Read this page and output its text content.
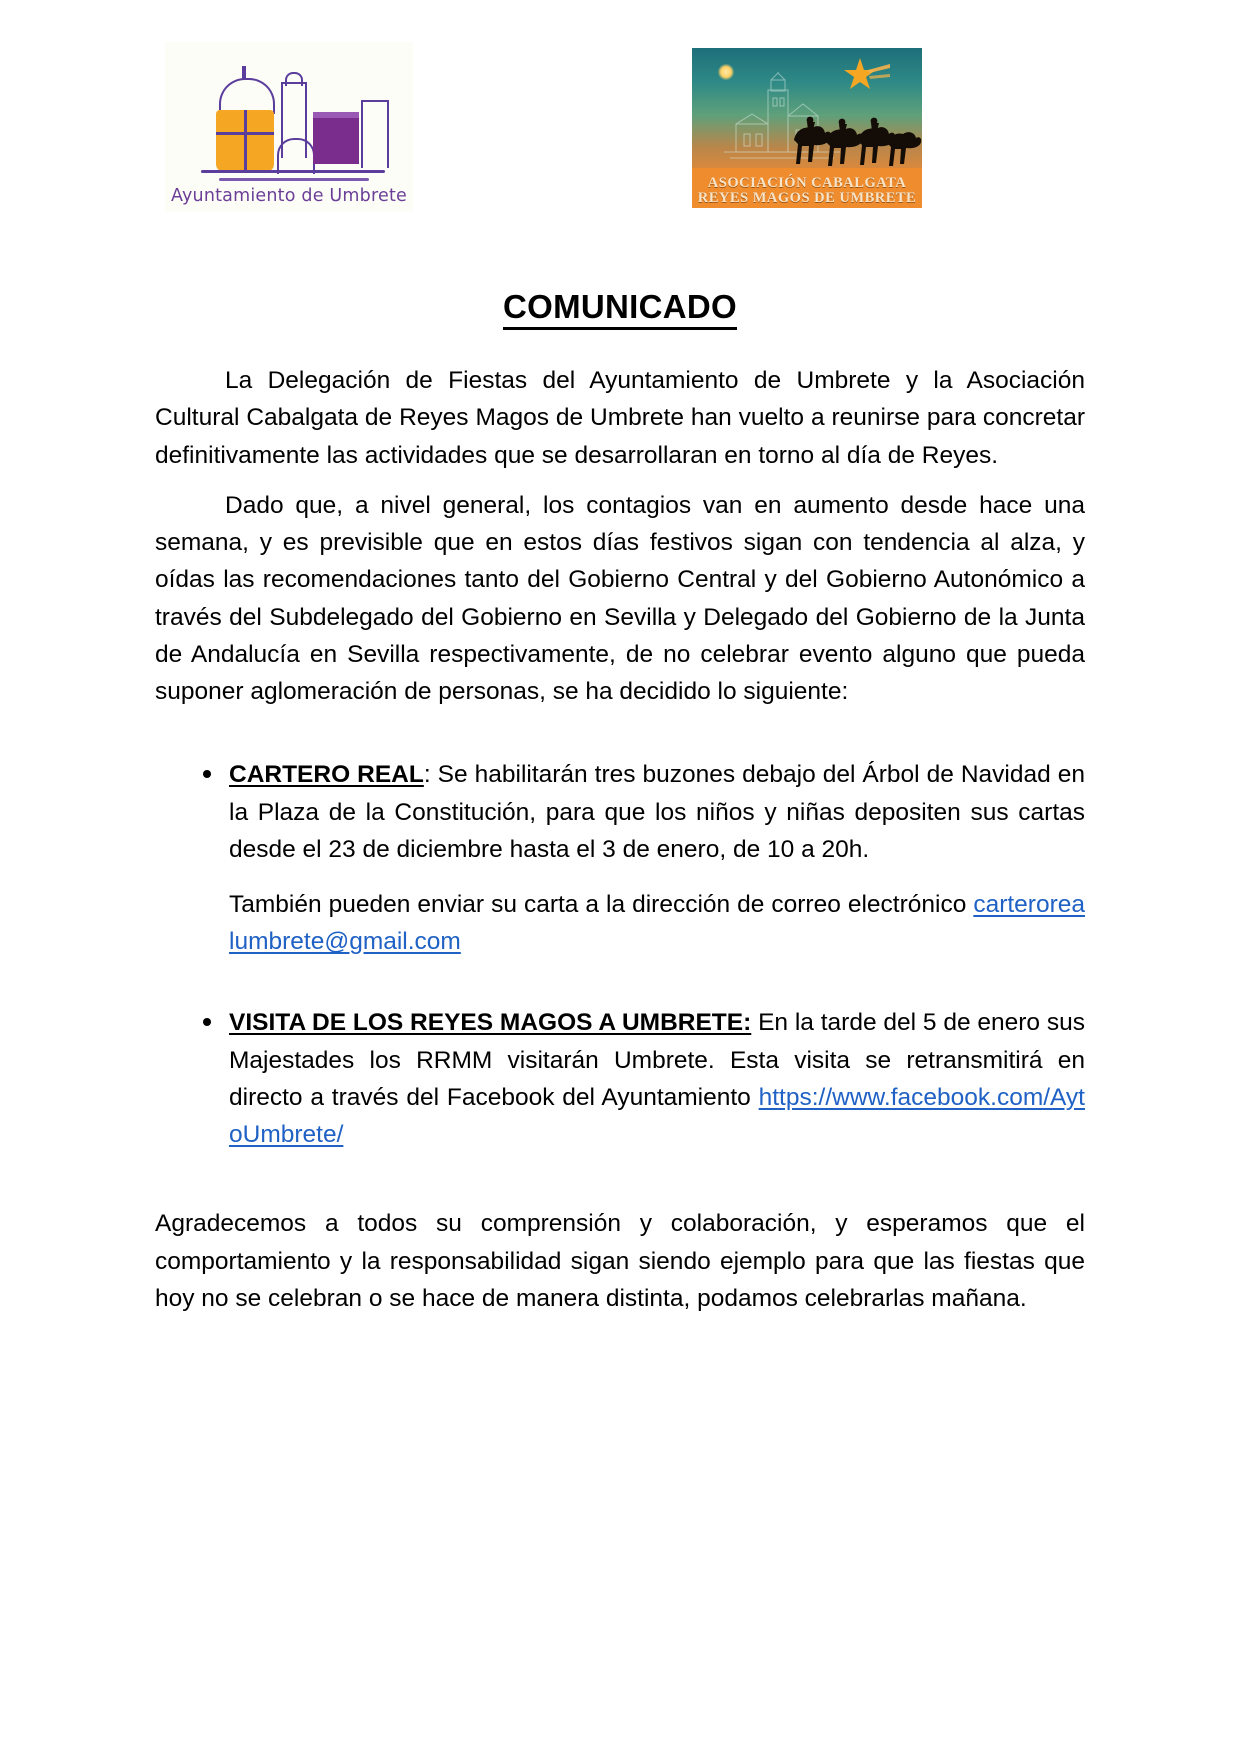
Ayuntamiento de Umbrete
ASOCIACIÓN CABALGATA
REYES MAGOS DE UMBRETE
COMUNICADO

La Delegación de Fiestas del Ayuntamiento de Umbrete y la Asociación Cultural Cabalgata de Reyes Magos de Umbrete han vuelto a reunirse para concretar definitivamente las actividades que se desarrollaran en torno al día de Reyes.

Dado que, a nivel general, los contagios van en aumento desde hace una semana, y es previsible que en estos días festivos sigan con tendencia al alza, y oídas las recomendaciones tanto del Gobierno Central y del Gobierno Autonómico a través del Subdelegado del Gobierno en Sevilla y Delegado del Gobierno de la Junta de Andalucía en Sevilla respectivamente, de no celebrar evento alguno que pueda suponer aglomeración de personas, se ha decidido lo siguiente:

CARTERO REAL: Se habilitarán tres buzones debajo del Árbol de Navidad en la Plaza de la Constitución, para que los niños y niñas depositen sus cartas desde el 23 de diciembre hasta el 3 de enero, de 10 a 20h.

También pueden enviar su carta a la dirección de correo electrónico carterorealumbrete@gmail.com

VISITA DE LOS REYES MAGOS A UMBRETE: En la tarde del 5 de enero sus Majestades los RRMM visitarán Umbrete. Esta visita se retransmitirá en directo a través del Facebook del Ayuntamiento https://www.facebook.com/AytoUmbrete/

Agradecemos a todos su comprensión y colaboración, y esperamos que el comportamiento y la responsabilidad sigan siendo ejemplo para que las fiestas que hoy no se celebran o se hace de manera distinta, podamos celebrarlas mañana.
